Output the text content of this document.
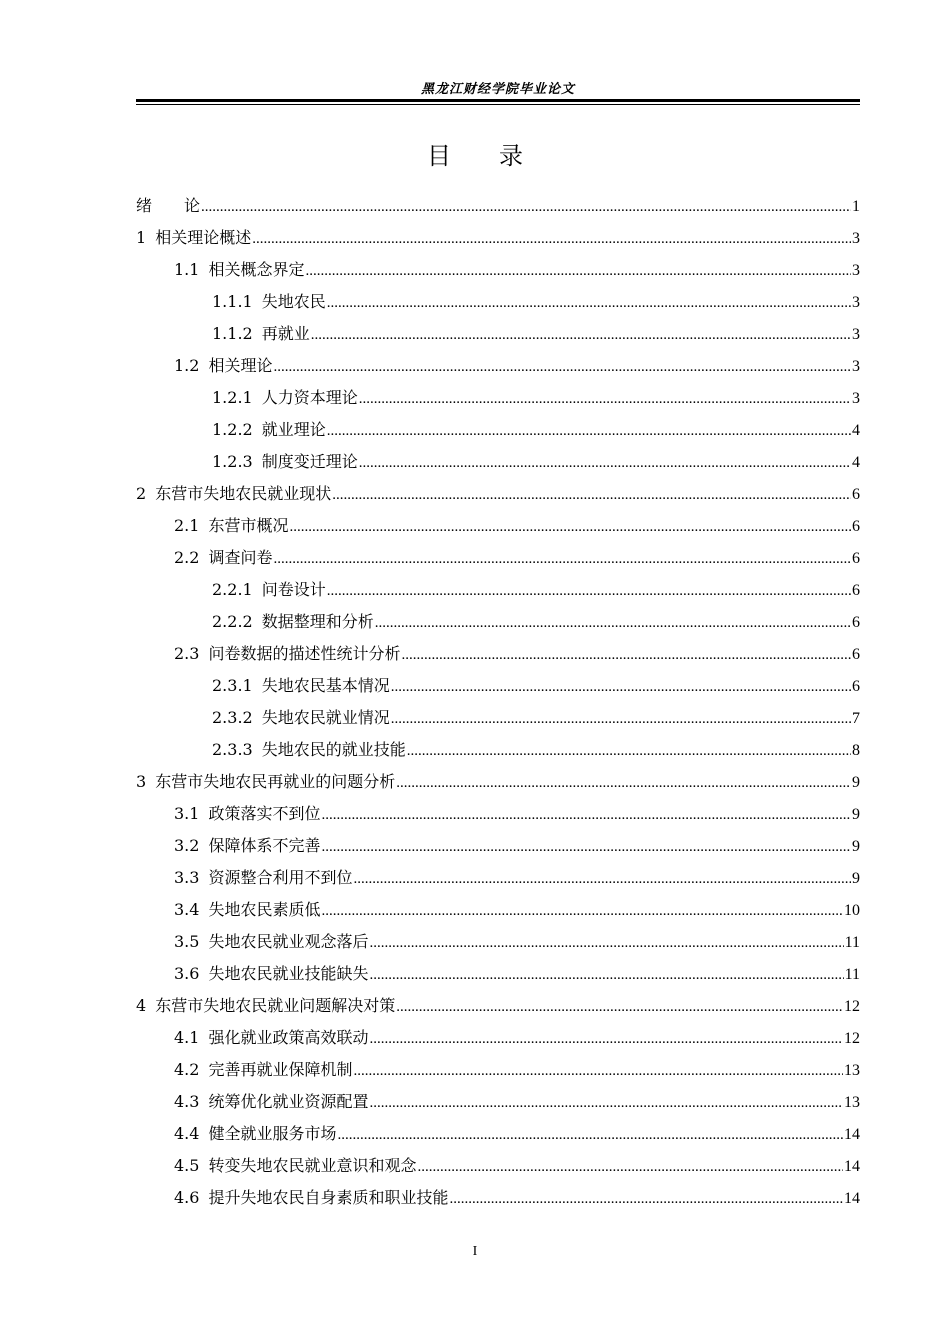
黑龙江财经学院毕业论文
目 录
绪　　论 .....	1
1 相关理论概述 .....	3
1.1 相关概念界定 .....	3
1.1.1 失地农民 .....	3
1.1.2 再就业 .....	3
1.2 相关理论 .....	3
1.2.1 人力资本理论 .....	3
1.2.2 就业理论 .....	4
1.2.3 制度变迁理论 .....	4
2 东营市失地农民就业现状 .....	6
2.1 东营市概况 .....	6
2.2 调查问卷 .....	6
2.2.1 问卷设计 .....	6
2.2.2 数据整理和分析 .....	6
2.3 问卷数据的描述性统计分析 .....	6
2.3.1 失地农民基本情况 .....	6
2.3.2 失地农民就业情况 .....	7
2.3.3 失地农民的就业技能 .....	8
3 东营市失地农民再就业的问题分析 .....	9
3.1 政策落实不到位 .....	9
3.2 保障体系不完善 .....	9
3.3 资源整合利用不到位 .....	9
3.4 失地农民素质低 .....	10
3.5 失地农民就业观念落后 .....	11
3.6 失地农民就业技能缺失 .....	11
4 东营市失地农民就业问题解决对策 .....	12
4.1 强化就业政策高效联动 .....	12
4.2 完善再就业保障机制 .....	13
4.3 统筹优化就业资源配置 .....	13
4.4 健全就业服务市场 .....	14
4.5 转变失地农民就业意识和观念 .....	14
4.6 提升失地农民自身素质和职业技能 .....	14
I
